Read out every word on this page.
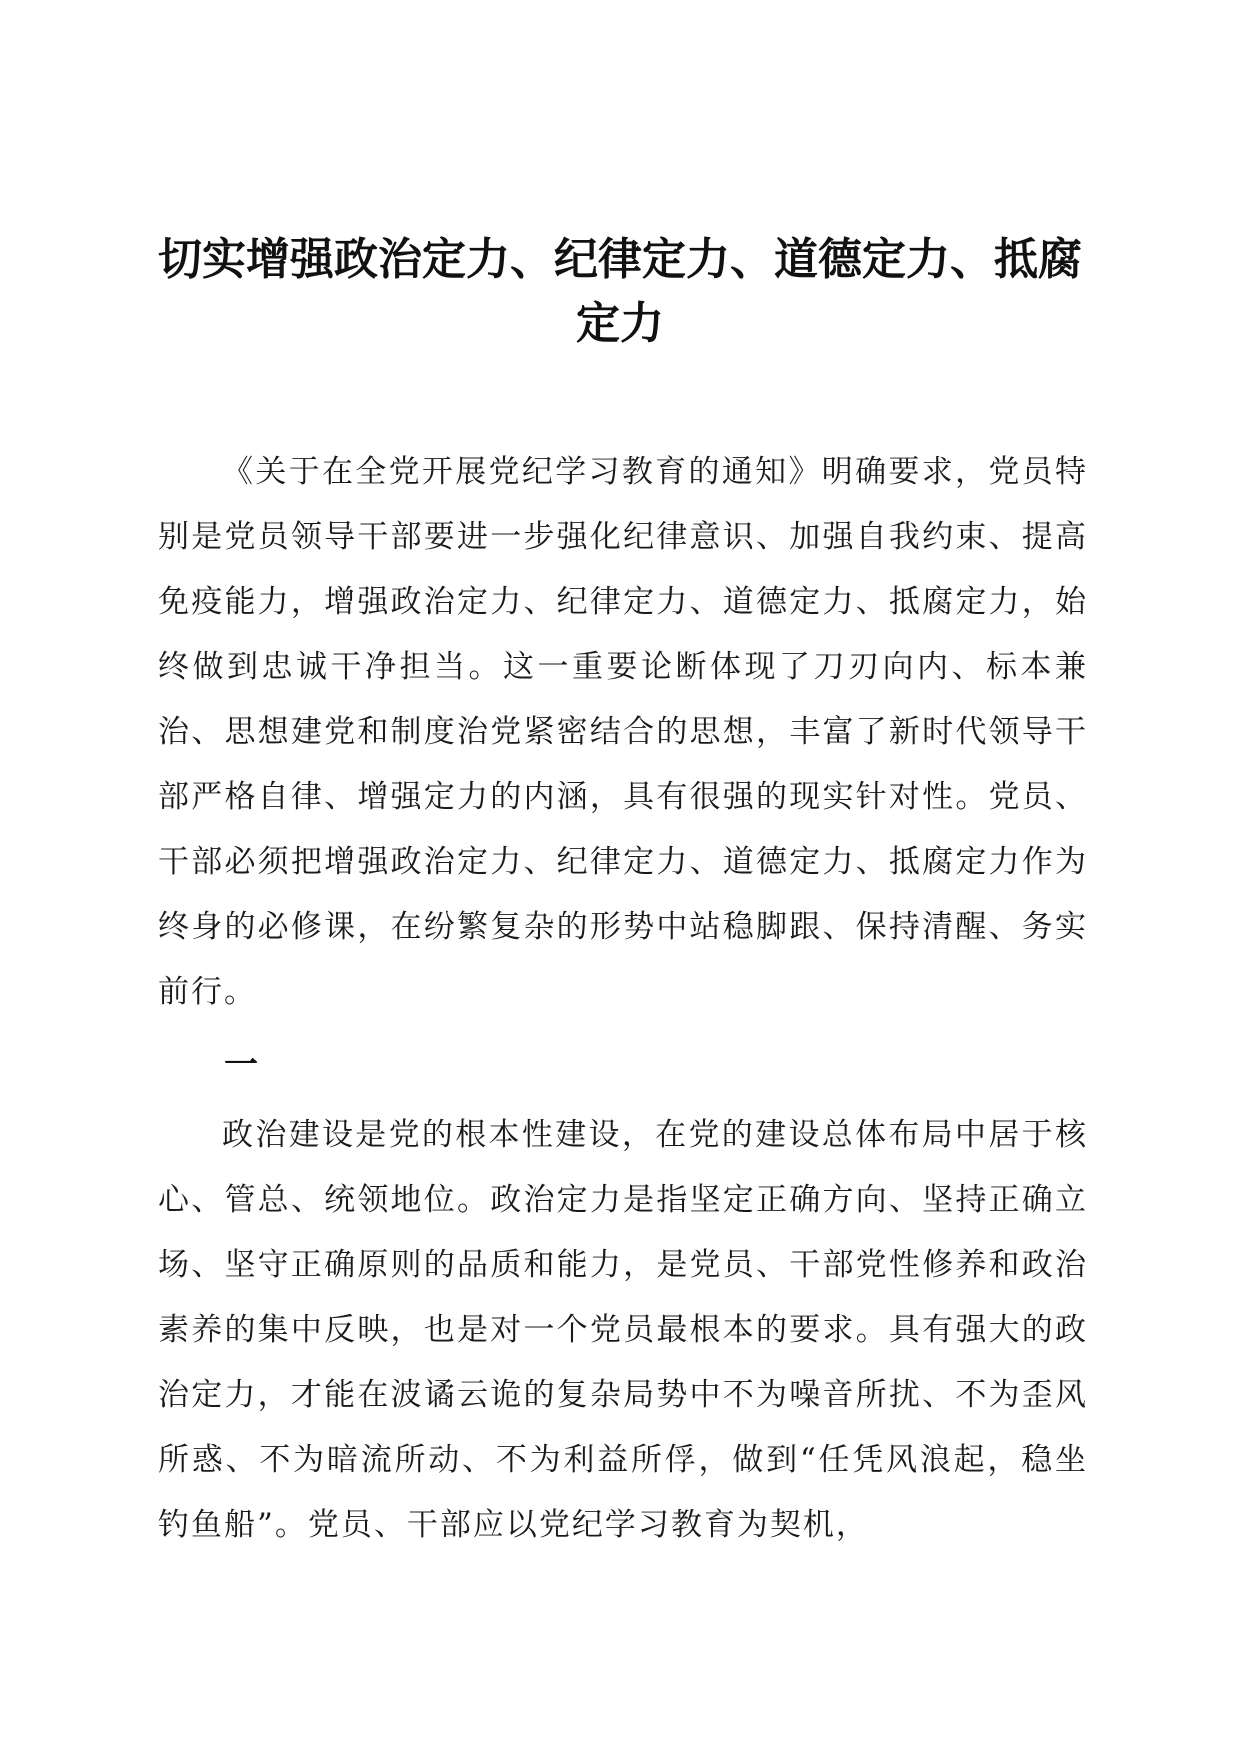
切实增强政治定力、纪律定力、道德定力、抵腐定力

《关于在全党开展党纪学习教育的通知》明确要求，党员特别是党员领导干部要进一步强化纪律意识、加强自我约束、提高免疫能力，增强政治定力、纪律定力、道德定力、抵腐定力，始终做到忠诚干净担当。这一重要论断体现了刀刃向内、标本兼治、思想建党和制度治党紧密结合的思想，丰富了新时代领导干部严格自律、增强定力的内涵，具有很强的现实针对性。党员、干部必须把增强政治定力、纪律定力、道德定力、抵腐定力作为终身的必修课，在纷繁复杂的形势中站稳脚跟、保持清醒、务实前行。

一

政治建设是党的根本性建设，在党的建设总体布局中居于核心、管总、统领地位。政治定力是指坚定正确方向、坚持正确立场、坚守正确原则的品质和能力，是党员、干部党性修养和政治素养的集中反映，也是对一个党员最根本的要求。具有强大的政治定力，才能在波谲云诡的复杂局势中不为噪音所扰、不为歪风所惑、不为暗流所动、不为利益所俘，做到“任凭风浪起，稳坐钓鱼船”。党员、干部应以党纪学习教育为契机，
